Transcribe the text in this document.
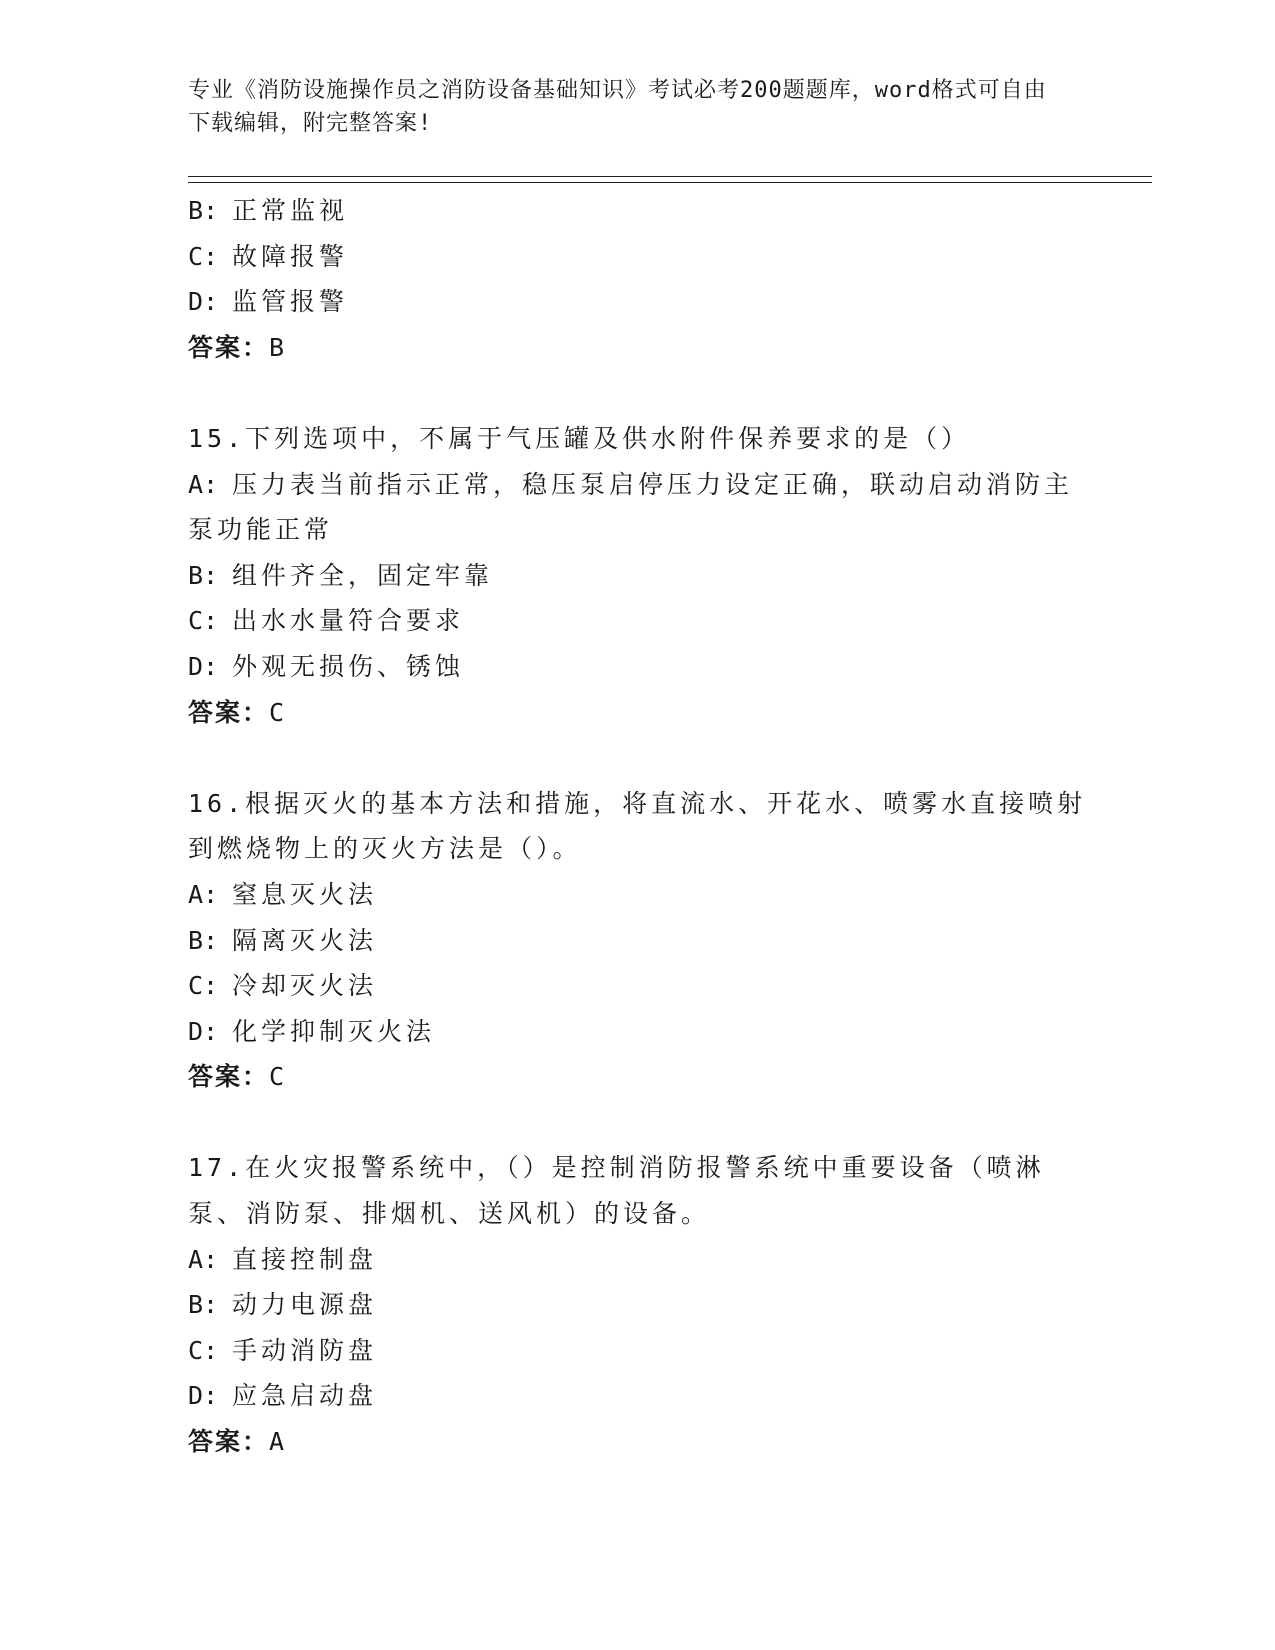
专业《消防设施操作员之消防设备基础知识》考试必考200题题库，word格式可自由下载编辑，附完整答案!
B: 正常监视
C: 故障报警
D: 监管报警
答案：B
15.下列选项中，不属于气压罐及供水附件保养要求的是（）
A: 压力表当前指示正常，稳压泵启停压力设定正确，联动启动消防主泵功能正常
B: 组件齐全，固定牢靠
C: 出水水量符合要求
D: 外观无损伤、锈蚀
答案：C
16.根据灭火的基本方法和措施，将直流水、开花水、喷雾水直接喷射到燃烧物上的灭火方法是（）。
A: 窒息灭火法
B: 隔离灭火法
C: 冷却灭火法
D: 化学抑制灭火法
答案：C
17.在火灾报警系统中，（）是控制消防报警系统中重要设备（喷淋泵、消防泵、排烟机、送风机）的设备。
A: 直接控制盘
B: 动力电源盘
C: 手动消防盘
D: 应急启动盘
答案：A
